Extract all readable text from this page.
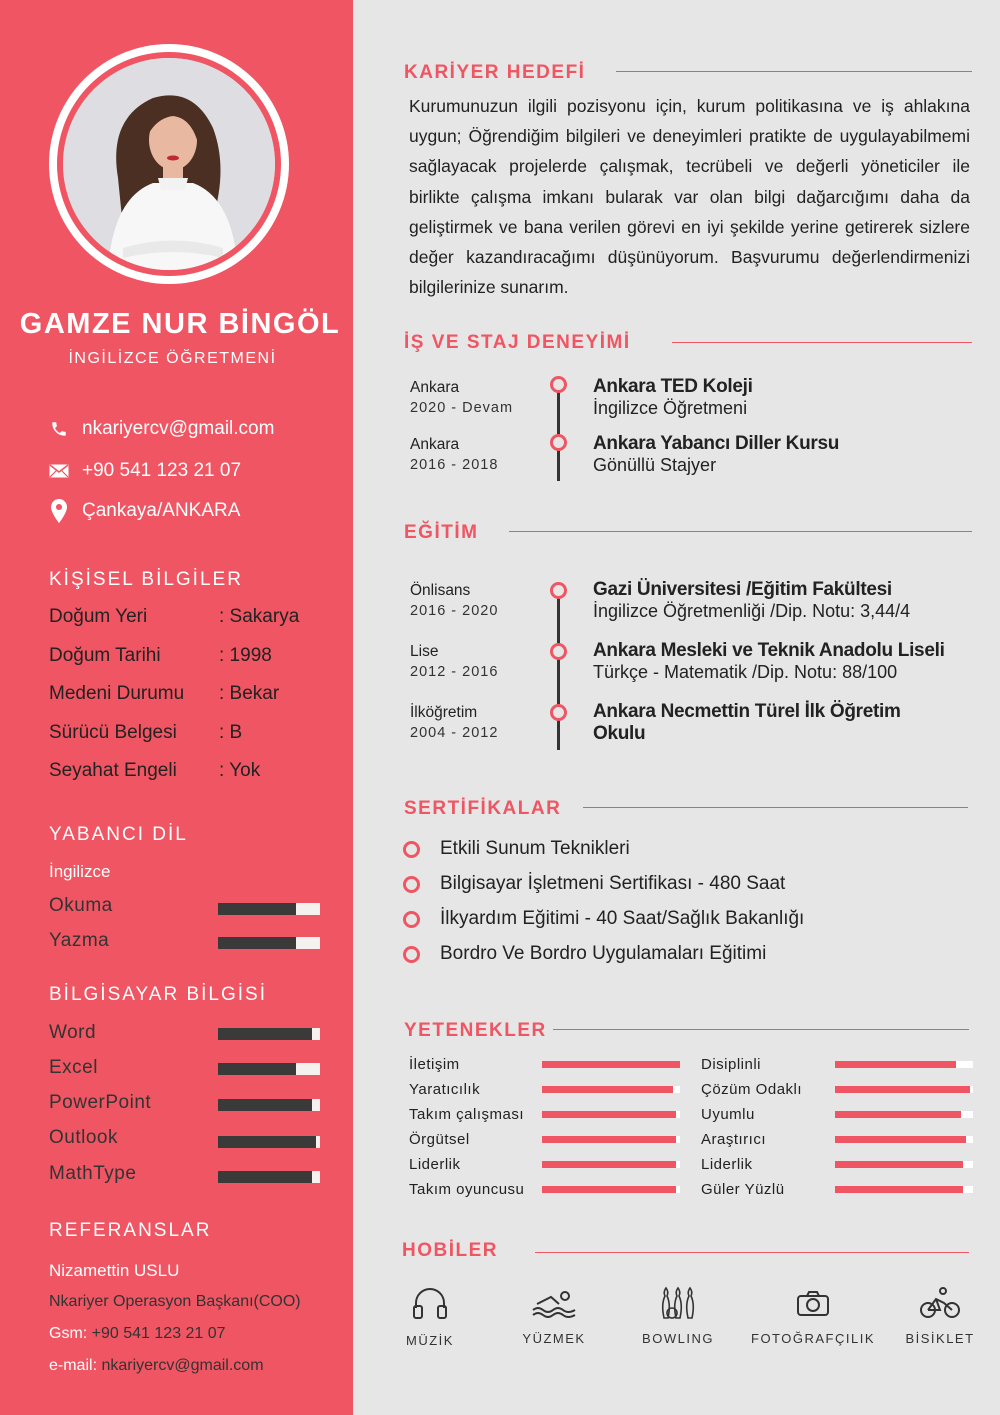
GAMZE NUR BİNGÖL
İNGİLİZCE ÖĞRETMENİ
nkariyercv@gmail.com
+90 541 123 21 07
Çankaya/ANKARA
KİŞİSEL BİLGİLER
Doğum Yeri	: Sakarya
Doğum Tarihi	: 1998
Medeni Durumu	: Bekar
Sürücü Belgesi	: B
Seyahat Engeli	: Yok
YABANCI DİL
İngilizce
Okuma
Yazma
BİLGİSAYAR BİLGİSİ
Word
Excel
PowerPoint
Outlook
MathType
REFERANSLAR
Nizamettin USLU
Nkariyer Operasyon Başkanı(COO)
Gsm: +90 541 123 21 07
e-mail: nkariyercv@gmail.com
KARİYER HEDEFİ
Kurumunuzun ilgili pozisyonu için, kurum politikasına ve iş ahlakına uygun; Öğrendiğim bilgileri ve deneyimleri pratikte de uygulayabilmemi sağlayacak projelerde çalışmak, tecrübeli ve değerli yöneticiler ile birlikte çalışma imkanı bularak var olan bilgi dağarcığımı daha da geliştirmek ve bana verilen görevi en iyi şekilde yerine getirerek sizlere değer kazandıracağımı düşünüyorum. Başvurumu değerlendirmenizi bilgilerinize sunarım.
İŞ VE STAJ DENEYİMİ
Ankara
2020 - Devam
Ankara TED Koleji
İngilizce Öğretmeni
Ankara
2016 - 2018
Ankara Yabancı Diller Kursu
Gönüllü Stajyer
EĞİTİM
Önlisans
2016 - 2020
Gazi Üniversitesi /Eğitim Fakültesi
İngilizce Öğretmenliği /Dip. Notu: 3,44/4
Lise
2012 - 2016
Ankara Mesleki ve Teknik Anadolu Liseli
Türkçe - Matematik /Dip. Notu: 88/100
İlköğretim
2004 - 2012
Ankara Necmettin Türel İlk Öğretim
Okulu
SERTİFİKALAR
Etkili Sunum Teknikleri
Bilgisayar İşletmeni Sertifikası - 480 Saat
İlkyardım Eğitimi - 40 Saat/Sağlık Bakanlığı
Bordro Ve Bordro Uygulamaları Eğitimi
YETENEKLER
İletişim
Yaratıcılık
Takım çalışması
Örgütsel
Liderlik
Takım oyuncusu
Disiplinli
Çözüm Odaklı
Uyumlu
Araştırıcı
Liderlik
Güler Yüzlü
HOBİLER
MÜZİK	YÜZMEK	BOWLING	FOTOĞRAFÇILIK	BİSİKLET
